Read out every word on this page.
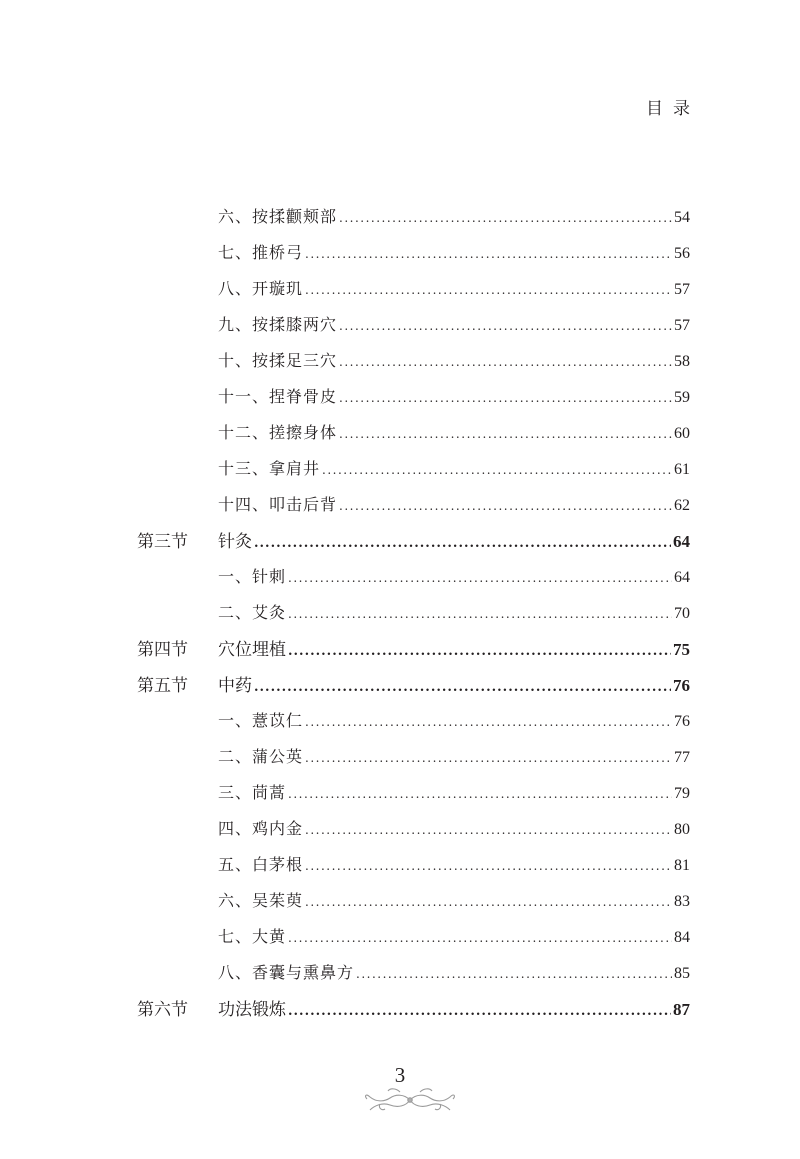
目 录
六、按揉颧颊部 .....	54
七、推桥弓 .....	56
八、开璇玑 .....	57
九、按揉膝两穴 .....	57
十、按揉足三穴 .....	58
十一、捏脊骨皮 .....	59
十二、搓擦身体 .....	60
十三、拿肩井 .....	61
十四、叩击后背 .....	62
第三节 针灸 .....	64
一、针刺 .....	64
二、艾灸 .....	70
第四节 穴位埋植 .....	75
第五节 中药 .....	76
一、薏苡仁 .....	76
二、蒲公英 .....	77
三、茼蒿 .....	79
四、鸡内金 .....	80
五、白茅根 .....	81
六、吴茱萸 .....	83
七、大黄 .....	84
八、香囊与熏鼻方 .....	85
第六节 功法锻炼 .....	87
3
